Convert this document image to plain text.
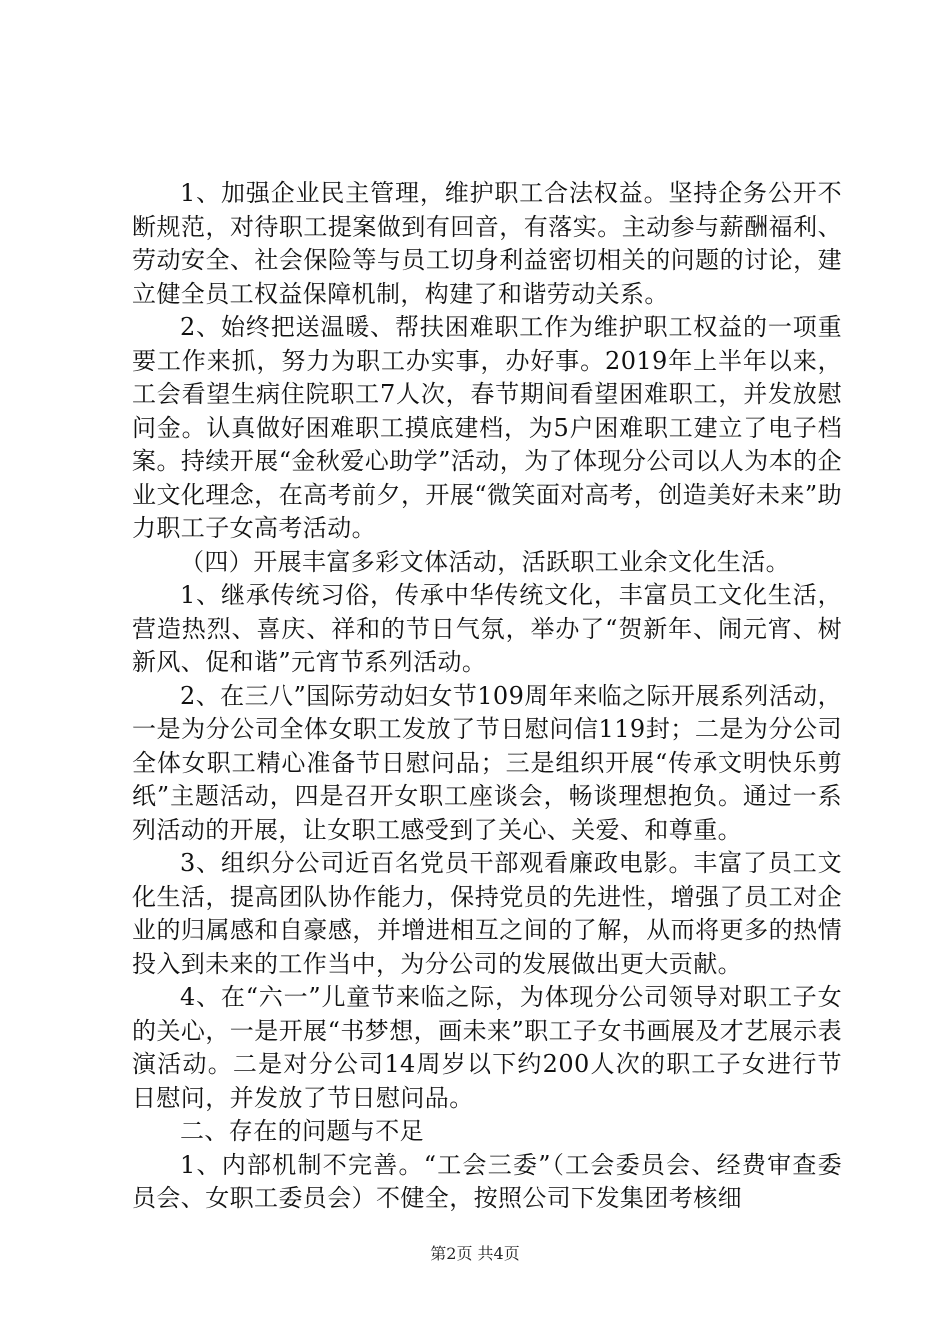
1、加强企业民主管理，维护职工合法权益。坚持企务公开不断规范，对待职工提案做到有回音，有落实。主动参与薪酬福利、劳动安全、社会保险等与员工切身利益密切相关的问题的讨论，建立健全员工权益保障机制，构建了和谐劳动关系。

2、始终把送温暖、帮扶困难职工作为维护职工权益的一项重要工作来抓，努力为职工办实事，办好事。2019年上半年以来，工会看望生病住院职工7人次，春节期间看望困难职工，并发放慰问金。认真做好困难职工摸底建档，为5户困难职工建立了电子档案。持续开展“金秋爱心助学”活动，为了体现分公司以人为本的企业文化理念，在高考前夕，开展“微笑面对高考，创造美好未来”助力职工子女高考活动。

（四）开展丰富多彩文体活动，活跃职工业余文化生活。

1、继承传统习俗，传承中华传统文化，丰富员工文化生活，营造热烈、喜庆、祥和的节日气氛，举办了“贺新年、闹元宵、树新风、促和谐”元宵节系列活动。

2、在三八”国际劳动妇女节109周年来临之际开展系列活动，一是为分公司全体女职工发放了节日慰问信119封；二是为分公司全体女职工精心准备节日慰问品；三是组织开展“传承文明快乐剪纸”主题活动，四是召开女职工座谈会，畅谈理想抱负。通过一系列活动的开展，让女职工感受到了关心、关爱、和尊重。

3、组织分公司近百名党员干部观看廉政电影。丰富了员工文化生活，提高团队协作能力，保持党员的先进性，增强了员工对企业的归属感和自豪感，并增进相互之间的了解，从而将更多的热情投入到未来的工作当中，为分公司的发展做出更大贡献。

4、在“六一”儿童节来临之际，为体现分公司领导对职工子女的关心，一是开展“书梦想，画未来”职工子女书画展及才艺展示表演活动。二是对分公司14周岁以下约200人次的职工子女进行节日慰问，并发放了节日慰问品。

二、存在的问题与不足

1、内部机制不完善。“工会三委”（工会委员会、经费审查委员会、女职工委员会）不健全，按照公司下发集团考核细

第2页 共4页
